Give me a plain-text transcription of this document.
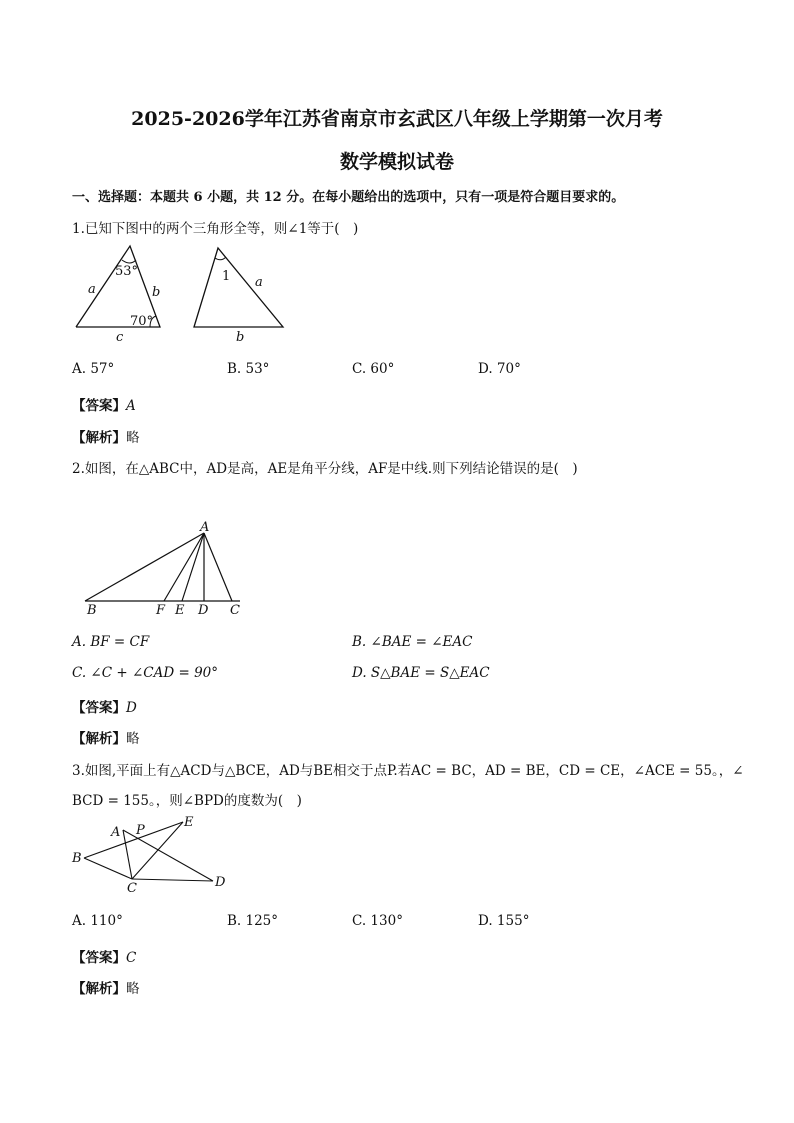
2025-2026学年江苏省南京市玄武区八年级上学期第一次月考
数学模拟试卷
一、选择题：本题共 6 小题，共 12 分。在每小题给出的选项中，只有一项是符合题目要求的。
1.已知下图中的两个三角形全等，则∠1等于(　)
a	b
c
53°
70°
1 a
b
A. 57°	B. 53°	C. 60°	D. 70°
【答案】A
【解析】略
2.如图，在△ABC中，AD是高，AE是角平分线，AF是中线.则下列结论错误的是(　)
A
B	F E D C
A. BF = CF	B. ∠BAE = ∠EAC
C. ∠C + ∠CAD = 90°	D. S△BAE = S△EAC
【答案】D
【解析】略
3.如图,平面上有△ACD与△BCE，AD与BE相交于点P.若AC = BC，AD = BE，CD = CE，∠ACE = 55。，∠
BCD = 155。，则∠BPD的度数为(　)
A P
E
B
C	D
A. 110°	B. 125°	C. 130°	D. 155°
【答案】C
【解析】略
